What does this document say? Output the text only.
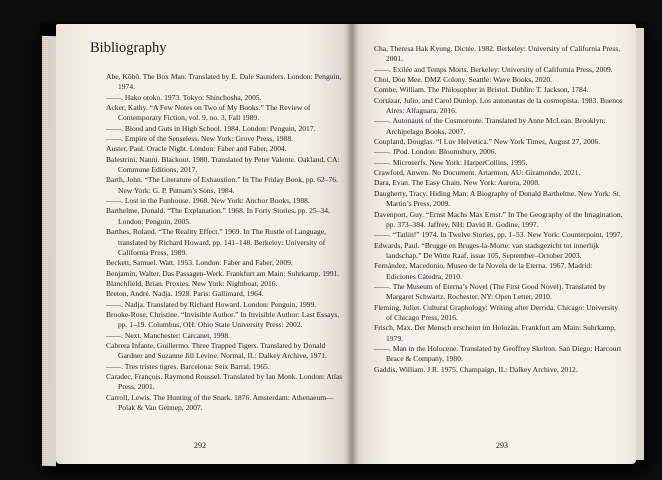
Bibliography
Abe, Kōbō. The Box Man. Translated by E. Dale Saunders. London: Penguin, 1974.
——. Hako otoko. 1973. Tokyo: Shinchosha, 2005.
Acker, Kathy. “A Few Notes on Two of My Books.” The Review of Contemporary Fiction, vol. 9, no. 3, Fall 1989.
——. Blood and Guts in High School. 1984. London: Penguin, 2017.
——. Empire of the Senseless. New York: Grove Press, 1988.
Auster, Paul. Oracle Night. London: Faber and Faber, 2004.
Balestrini, Nanni. Blackout. 1980. Translated by Peter Valente. Oakland, CA: Commune Editions, 2017.
Barth, John. “The Literature of Exhaustion.” In The Friday Book, pp. 62–76. New York: G. P. Putnam’s Sons, 1984.
——. Lost in the Funhouse. 1968. New York: Anchor Books, 1988.
Barthelme, Donald. “The Explanation.” 1968. In Forty Stories, pp. 25–34. London: Penguin, 2005.
Barthes, Roland. “The Reality Effect.” 1969. In The Rustle of Language, translated by Richard Howard, pp. 141–148. Berkeley: University of California Press, 1989.
Beckett, Samuel. Watt. 1953. London: Faber and Faber, 2009.
Benjamin, Walter. Das Passagen-Werk. Frankfurt am Main: Suhrkamp, 1991.
Blanchfield, Brian. Proxies. New York: Nightboat, 2016.
Breton, André. Nadja. 1928. Paris: Gallimard, 1964.
——. Nadja. Translated by Richard Howard. London: Penguin, 1999.
Brooke-Rose, Christine. “Invisible Author.” In Invisible Author: Last Essays, pp. 1–19. Columbus, OH: Ohio State University Press: 2002.
——. Next. Manchester: Carcanet, 1998.
Cabrera Infante, Guillermo. Three Trapped Tigers. Translated by Donald Gardner and Suzanne Jill Levine. Normal, IL: Dalkey Archive, 1971.
——. Tres tristes tigres. Barcelona: Seix Barral, 1965.
Caradec, François. Raymond Roussel. Translated by Ian Monk. London: Atlas Press, 2001.
Carroll, Lewis. The Hunting of the Snark. 1876. Amsterdam: Athenaeum—Polak & Van Gennep, 2007.
292
Cha, Theresa Hak Kyung. Dictée. 1982. Berkeley: University of California Press, 2001.
——. Exilée and Temps Morts. Berkeley: University of California Press, 2009.
Choi, Don Mee. DMZ Colony. Seattle: Wave Books, 2020.
Combe, William. The Philosopher in Bristol. Dublin: T. Jackson, 1784.
Cortázar, Julio, and Carol Dunlop. Los autonautas de la cosmopista. 1983. Buenos Aires: Alfaguara, 2016.
——. Autonauts of the Cosmoroute. Translated by Anne McLean. Brooklyn: Archipelago Books, 2007.
Coupland, Douglas. “I Luv Helvetica.” New York Times, August 27, 2006.
——. JPod. London: Bloomsbury, 2006.
——. Microserfs. New York: HarperCollins, 1995.
Crawford, Anwen. No Document. Artarmon, AU: Giramondo, 2021.
Dara, Evan. The Easy Chain. New York: Aurora, 2008.
Daugherty, Tracy. Hiding Man: A Biography of Donald Barthelme. New York: St. Martin’s Press, 2009.
Davenport, Guy. “Ernst Machs Max Ernst.” In The Geography of the Imagination, pp. 373–384. Jaffrey, NH: David R. Godine, 1997.
——. “Tatlin!” 1974. In Twelve Stories, pp. 1–53. New York: Counterpoint, 1997.
Edwards, Paul. “Brugge en Bruges-la-Morte: van stadsgezicht tot innerlijk landschap.” De Witte Raaf, issue 105, September–October 2003.
Fernández, Macedonio. Museo de la Novela de la Eterna. 1967. Madrid: Ediciones Cátedra, 2010.
——. The Museum of Eterna’s Novel (The First Good Novel). Translated by Margaret Schwartz. Rochester, NY: Open Letter, 2010.
Fleming, Juliet. Cultural Graphology: Writing after Derrida. Chicago: University of Chicago Press, 2016.
Frisch, Max. Der Mensch erscheint im Holozän. Frankfurt am Main: Suhrkamp, 1979.
——. Man in the Holocene. Translated by Geoffrey Skelton. San Diego: Harcourt Brace & Company, 1980.
Gaddis, William. J R. 1975. Champaign, IL: Dalkey Archive, 2012.
293
